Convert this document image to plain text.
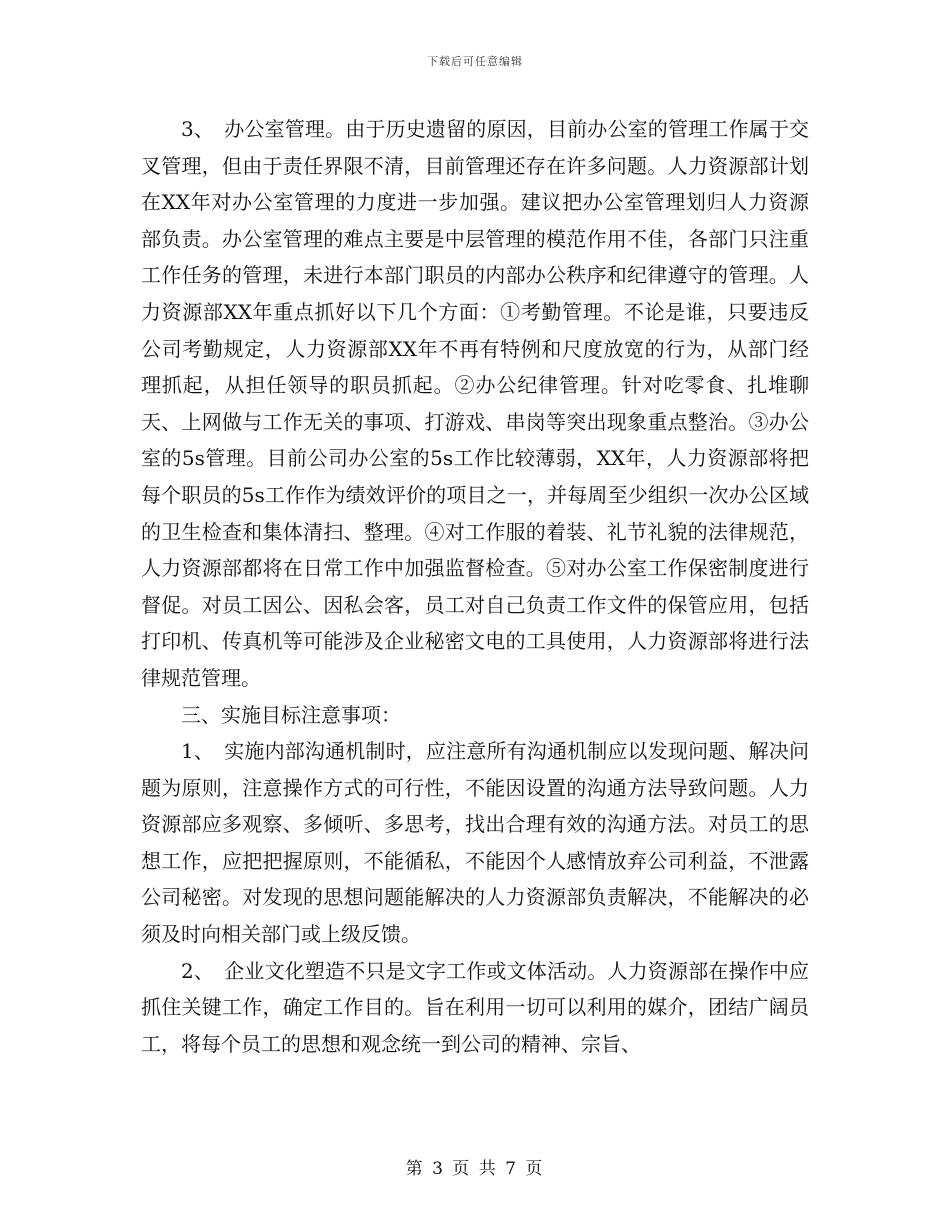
下载后可任意编辑

3、　办公室管理。由于历史遗留的原因，目前办公室的管理工作属于交叉管理，但由于责任界限不清，目前管理还存在许多问题。人力资源部计划在XX年对办公室管理的力度进一步加强。建议把办公室管理划归人力资源部负责。办公室管理的难点主要是中层管理的模范作用不佳，各部门只注重工作任务的管理，未进行本部门职员的内部办公秩序和纪律遵守的管理。人力资源部XX年重点抓好以下几个方面：①考勤管理。不论是谁，只要违反公司考勤规定，人力资源部XX年不再有特例和尺度放宽的行为，从部门经理抓起，从担任领导的职员抓起。②办公纪律管理。针对吃零食、扎堆聊天、上网做与工作无关的事项、打游戏、串岗等突出现象重点整治。③办公室的5s管理。目前公司办公室的5s工作比较薄弱，XX年，人力资源部将把每个职员的5s工作作为绩效评价的项目之一，并每周至少组织一次办公区域的卫生检查和集体清扫、整理。④对工作服的着装、礼节礼貌的法律规范，人力资源部都将在日常工作中加强监督检查。⑤对办公室工作保密制度进行督促。对员工因公、因私会客，员工对自己负责工作文件的保管应用，包括打印机、传真机等可能涉及企业秘密文电的工具使用，人力资源部将进行法律规范管理。

三、实施目标注意事项：

1、　实施内部沟通机制时，应注意所有沟通机制应以发现问题、解决问题为原则，注意操作方式的可行性，不能因设置的沟通方法导致问题。人力资源部应多观察、多倾听、多思考，找出合理有效的沟通方法。对员工的思想工作，应把把握原则，不能循私，不能因个人感情放弃公司利益，不泄露公司秘密。对发现的思想问题能解决的人力资源部负责解决，不能解决的必须及时向相关部门或上级反馈。

2、　企业文化塑造不只是文字工作或文体活动。人力资源部在操作中应抓住关键工作，确定工作目的。旨在利用一切可以利用的媒介，团结广阔员工，将每个员工的思想和观念统一到公司的精神、宗旨、

第 3 页 共 7 页
